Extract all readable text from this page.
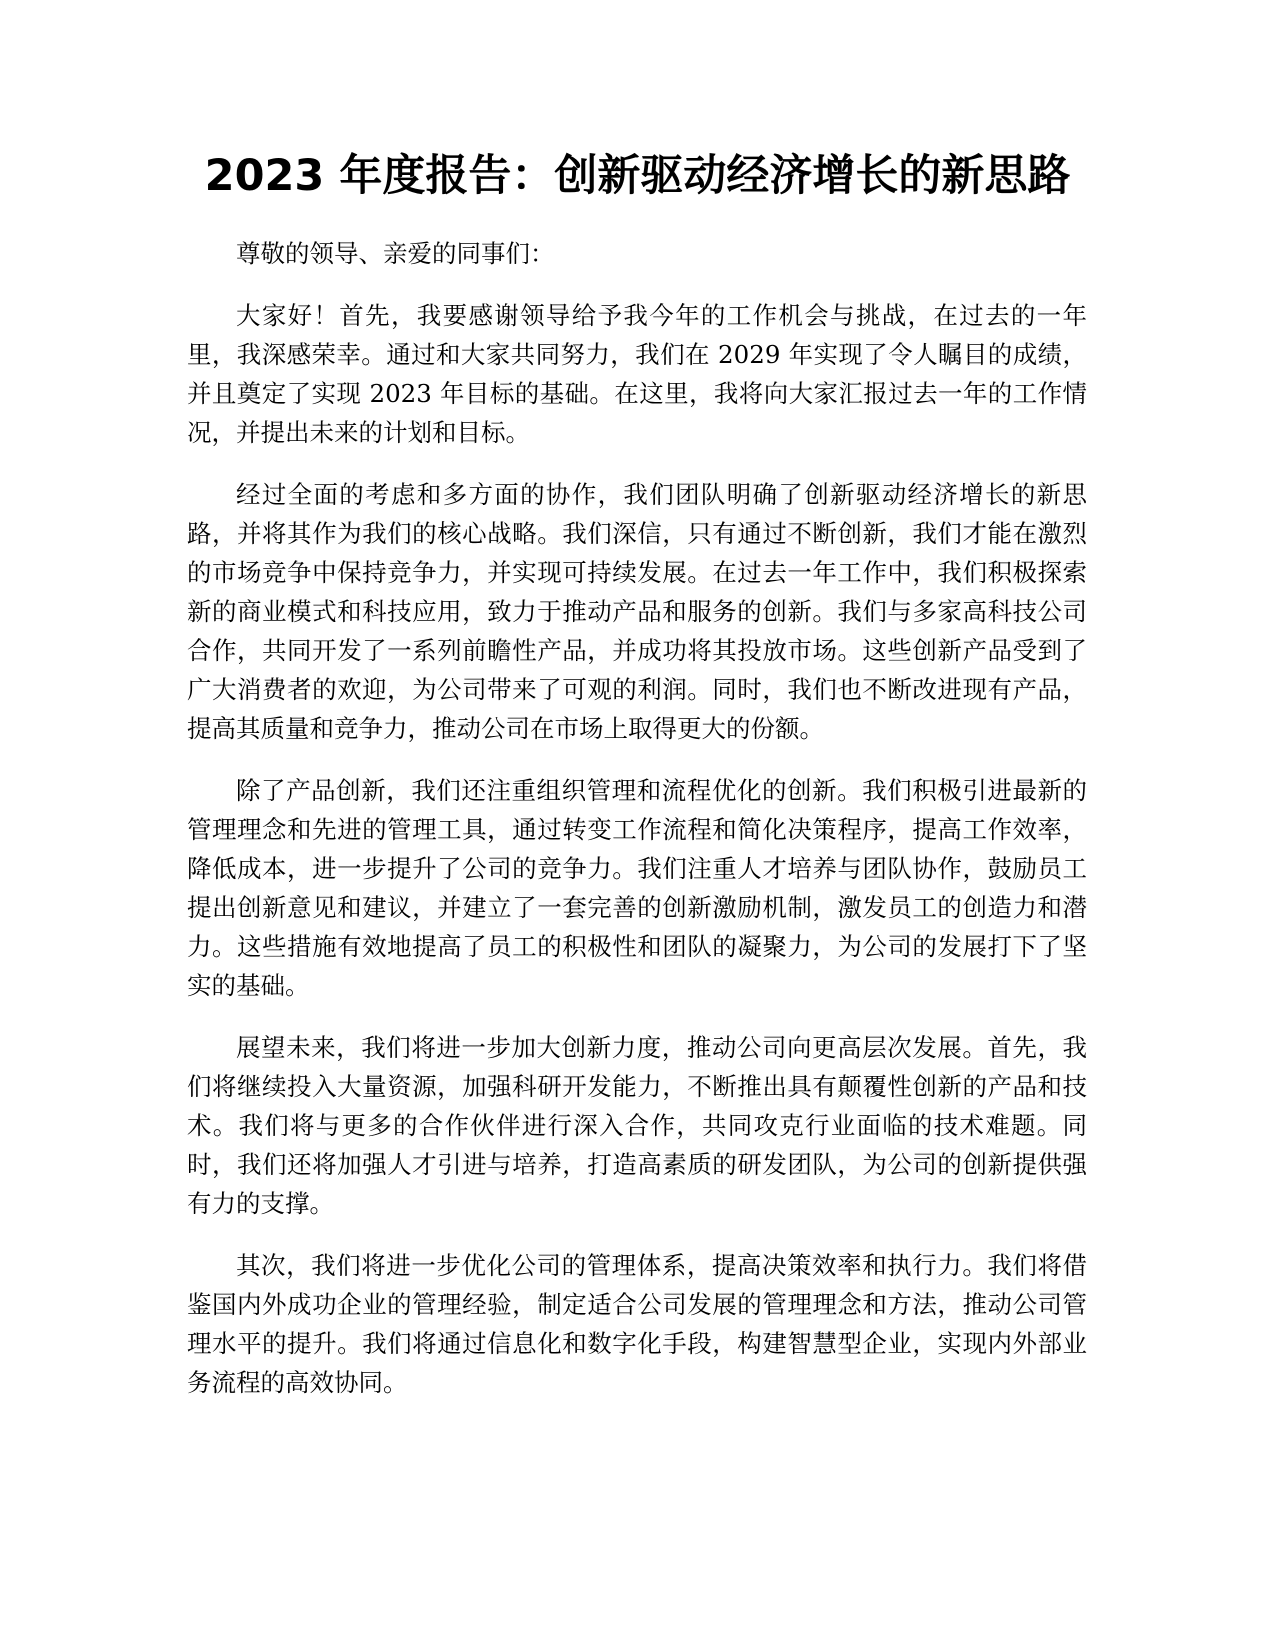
2023 年度报告：创新驱动经济增长的新思路

尊敬的领导、亲爱的同事们：

大家好！首先，我要感谢领导给予我今年的工作机会与挑战，在过去的一年里，我深感荣幸。通过和大家共同努力，我们在 2029 年实现了令人瞩目的成绩，并且奠定了实现 2023 年目标的基础。在这里，我将向大家汇报过去一年的工作情况，并提出未来的计划和目标。

经过全面的考虑和多方面的协作，我们团队明确了创新驱动经济增长的新思路，并将其作为我们的核心战略。我们深信，只有通过不断创新，我们才能在激烈的市场竞争中保持竞争力，并实现可持续发展。在过去一年工作中，我们积极探索新的商业模式和科技应用，致力于推动产品和服务的创新。我们与多家高科技公司合作，共同开发了一系列前瞻性产品，并成功将其投放市场。这些创新产品受到了广大消费者的欢迎，为公司带来了可观的利润。同时，我们也不断改进现有产品，提高其质量和竞争力，推动公司在市场上取得更大的份额。

除了产品创新，我们还注重组织管理和流程优化的创新。我们积极引进最新的管理理念和先进的管理工具，通过转变工作流程和简化决策程序，提高工作效率，降低成本，进一步提升了公司的竞争力。我们注重人才培养与团队协作，鼓励员工提出创新意见和建议，并建立了一套完善的创新激励机制，激发员工的创造力和潜力。这些措施有效地提高了员工的积极性和团队的凝聚力，为公司的发展打下了坚实的基础。

展望未来，我们将进一步加大创新力度，推动公司向更高层次发展。首先，我们将继续投入大量资源，加强科研开发能力，不断推出具有颠覆性创新的产品和技术。我们将与更多的合作伙伴进行深入合作，共同攻克行业面临的技术难题。同时，我们还将加强人才引进与培养，打造高素质的研发团队，为公司的创新提供强有力的支撑。

其次，我们将进一步优化公司的管理体系，提高决策效率和执行力。我们将借鉴国内外成功企业的管理经验，制定适合公司发展的管理理念和方法，推动公司管理水平的提升。我们将通过信息化和数字化手段，构建智慧型企业，实现内外部业务流程的高效协同。
